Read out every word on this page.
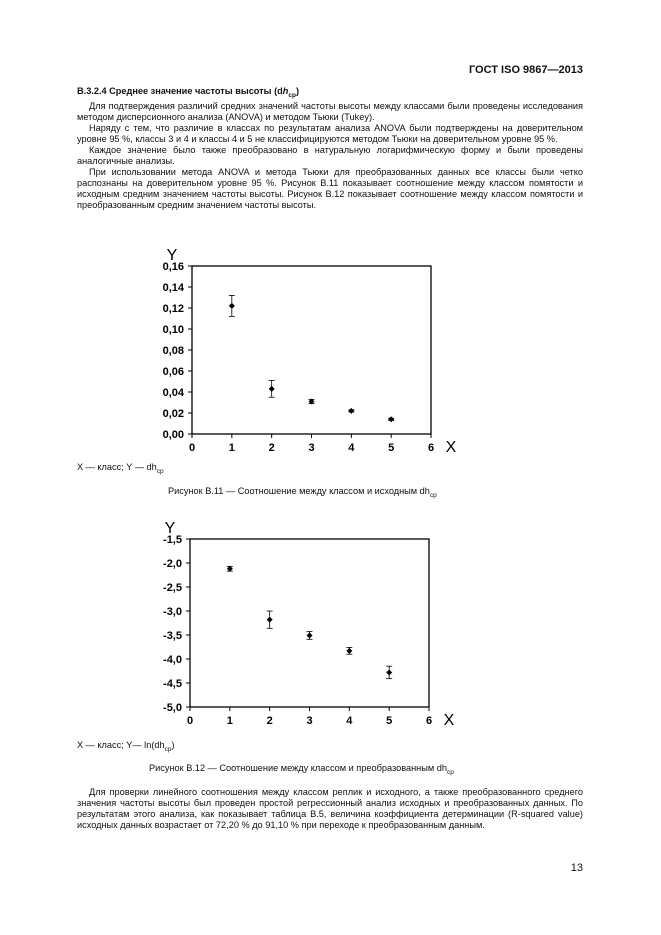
ГОСТ ISO 9867—2013

В.3.2.4 Среднее значение частоты высоты $(dh_{ср})$

Для подтверждения различий средних значений частоты высоты между классами были проведены исследования методом дисперсионного анализа (ANOVA) и методом Тьюки (Tukey).

Наряду с тем, что различие в классах по результатам анализа ANOVA были подтверждены на доверительном уровне 95 %, классы 3 и 4 и классы 4 и 5 не классифицируются методом Тьюки на доверительном уровне 95 %.

Каждое значение было также преобразовано в натуральную логарифмическую форму и были проведены аналогичные анализы.

При использовании метода ANOVA и метода Тьюки для преобразованных данных все классы были четко распознаны на доверительном уровне 95 %. Рисунок В.11 показывает соотношение между классом помятости и исходным средним значением частоты высоты. Рисунок В.12 показывает соотношение между классом помятости и преобразованным средним значением частоты высоты.

0,00
0,02
0,04
0,06
0,08
0,10
0,12
0,14
0,16
0	1	2	3	4	5	6
Y
X
X — класс; Y — $dh_{ср}$
Рисунок В.11 — Соотношение между классом и исходным $dh_{ср}$
-5,0
-4,5
-4,0
-3,5
-3,0
-2,5
-2,0
-1,5
0	1	2	3	4	5	6
Y
X
X — класс; Y— $\ln(dh_{ср})$
Рисунок В.12 — Соотношение между классом и преобразованным $dh_{ср}$

Для проверки линейного соотношения между классом реплик и исходного, а также преобразованного среднего значения частоты высоты был проведен простой регрессионный анализ исходных и преобразованных данных. По результатам этого анализа, как показывает таблица В.5, величина коэффициента детерминации (R-squared value) исходных данных возрастает от 72,20 % до 91,10 % при переходе к преобразованным данным.

13
